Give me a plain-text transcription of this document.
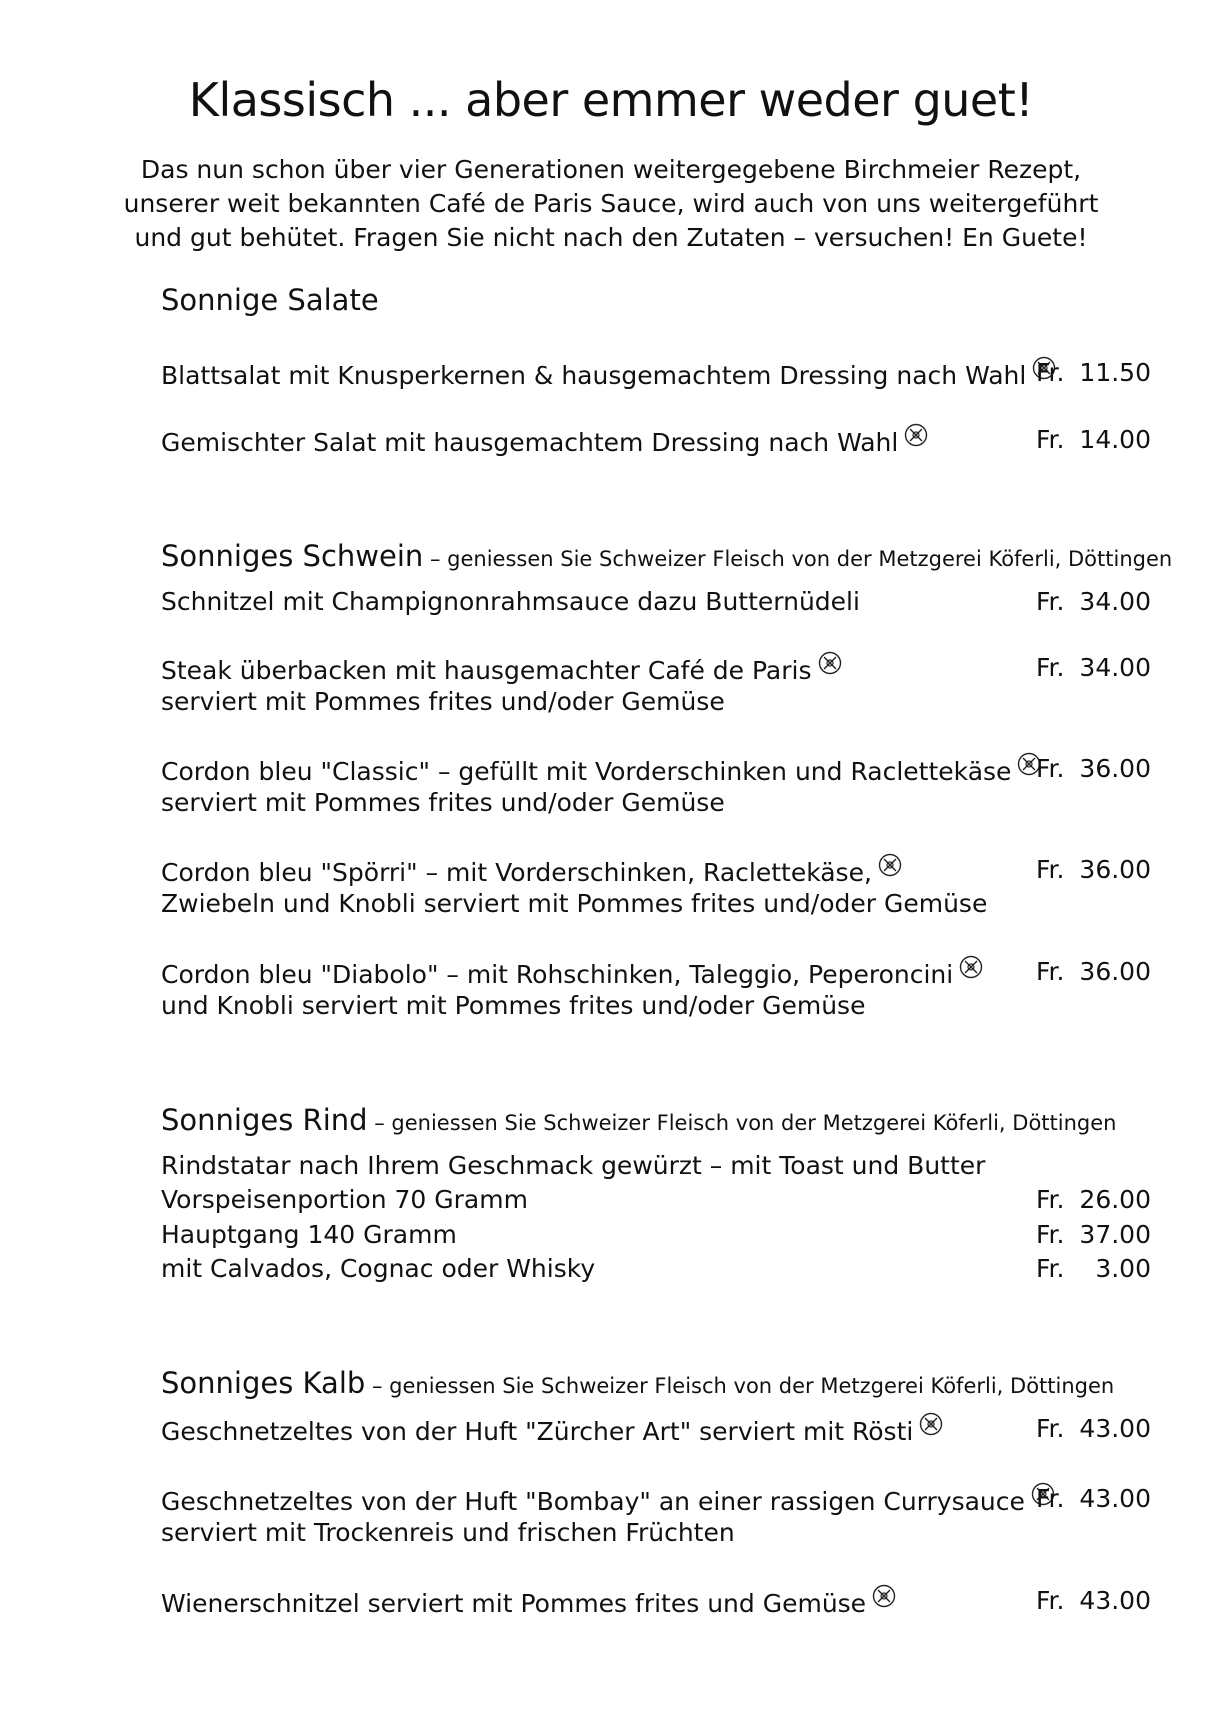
Klassisch ... aber emmer weder guet!

Das nun schon über vier Generationen weitergegebene Birchmeier Rezept,
unserer weit bekannten Café de Paris Sauce, wird auch von uns weitergeführt
und gut behütet. Fragen Sie nicht nach den Zutaten – versuchen! En Guete!

Sonnige Salate
Blattsalat mit Knusperkernen & hausgemachtem Dressing nach Wahl Fr. 11.50
Gemischter Salat mit hausgemachtem Dressing nach Wahl	Fr. 14.00
Sonniges Schwein – geniessen Sie Schweizer Fleisch von der Metzgerei Köferli, Döttingen
Schnitzel mit Champignonrahmsauce dazu Butternüdeli	Fr. 34.00
Steak überbacken mit hausgemachter Café de Paris	Fr. 34.00
serviert mit Pommes frites und/oder Gemüse
Cordon bleu "Classic" – gefüllt mit Vorderschinken und Raclettekäse Fr. 36.00
serviert mit Pommes frites und/oder Gemüse
Cordon bleu "Spörri" – mit Vorderschinken, Raclettekäse,	Fr. 36.00
Zwiebeln und Knobli serviert mit Pommes frites und/oder Gemüse
Cordon bleu "Diabolo" – mit Rohschinken, Taleggio, Peperoncini	Fr. 36.00
und Knobli serviert mit Pommes frites und/oder Gemüse
Sonniges Rind – geniessen Sie Schweizer Fleisch von der Metzgerei Köferli, Döttingen
Rindstatar nach Ihrem Geschmack gewürzt – mit Toast und Butter
Vorspeisenportion 70 Gramm	Fr. 26.00
Hauptgang 140 Gramm	Fr. 37.00
mit Calvados, Cognac oder Whisky	Fr. 3.00
Sonniges Kalb – geniessen Sie Schweizer Fleisch von der Metzgerei Köferli, Döttingen
Geschnetzeltes von der Huft "Zürcher Art" serviert mit Rösti	Fr. 43.00
Geschnetzeltes von der Huft "Bombay" an einer rassigen Currysauce Fr. 43.00
serviert mit Trockenreis und frischen Früchten
Wienerschnitzel serviert mit Pommes frites und Gemüse	Fr. 43.00
